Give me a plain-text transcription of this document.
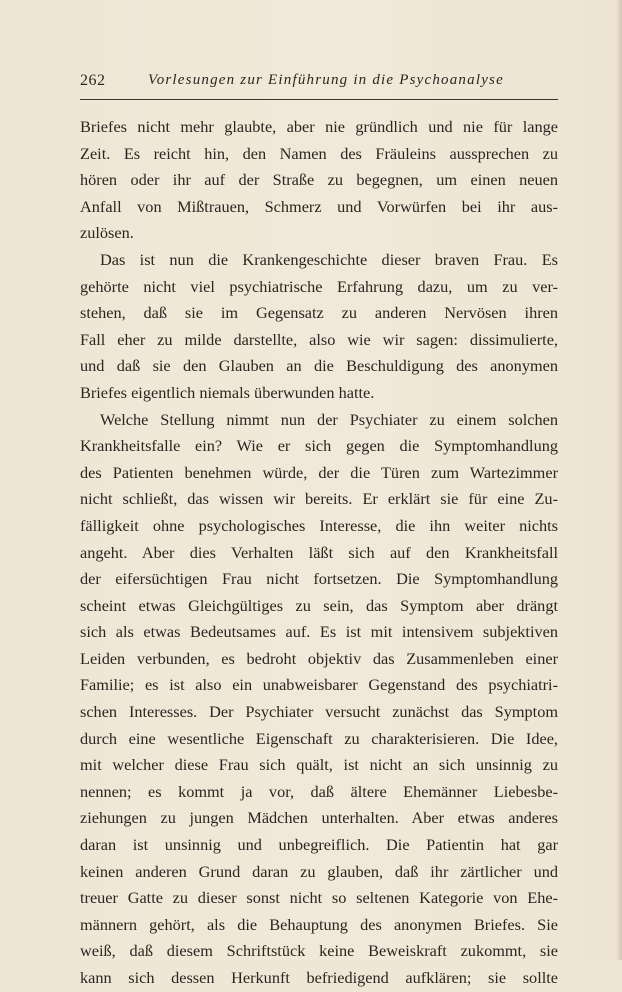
262	Vorlesungen zur Einführung in die Psychoanalyse
Briefes nicht mehr glaubte, aber nie gründlich und nie für lange
Zeit. Es reicht hin, den Namen des Fräuleins aussprechen zu
hören oder ihr auf der Straße zu begegnen, um einen neuen
Anfall von Mißtrauen, Schmerz und Vorwürfen bei ihr aus-
zulösen.
Das ist nun die Krankengeschichte dieser braven Frau. Es
gehörte nicht viel psychiatrische Erfahrung dazu, um zu ver-
stehen, daß sie im Gegensatz zu anderen Nervösen ihren
Fall eher zu milde darstellte, also wie wir sagen: dissimulierte,
und daß sie den Glauben an die Beschuldigung des anonymen
Briefes eigentlich niemals überwunden hatte.
Welche Stellung nimmt nun der Psychiater zu einem solchen
Krankheitsfalle ein? Wie er sich gegen die Symptomhandlung
des Patienten benehmen würde, der die Türen zum Wartezimmer
nicht schließt, das wissen wir bereits. Er erklärt sie für eine Zu-
fälligkeit ohne psychologisches Interesse, die ihn weiter nichts
angeht. Aber dies Verhalten läßt sich auf den Krankheitsfall
der eifersüchtigen Frau nicht fortsetzen. Die Symptomhandlung
scheint etwas Gleichgültiges zu sein, das Symptom aber drängt
sich als etwas Bedeutsames auf. Es ist mit intensivem subjektiven
Leiden verbunden, es bedroht objektiv das Zusammenleben einer
Familie; es ist also ein unabweisbarer Gegenstand des psychiatri-
schen Interesses. Der Psychiater versucht zunächst das Symptom
durch eine wesentliche Eigenschaft zu charakterisieren. Die Idee,
mit welcher diese Frau sich quält, ist nicht an sich unsinnig zu
nennen; es kommt ja vor, daß ältere Ehemänner Liebesbe-
ziehungen zu jungen Mädchen unterhalten. Aber etwas anderes
daran ist unsinnig und unbegreiflich. Die Patientin hat gar
keinen anderen Grund daran zu glauben, daß ihr zärtlicher und
treuer Gatte zu dieser sonst nicht so seltenen Kategorie von Ehe-
männern gehört, als die Behauptung des anonymen Briefes. Sie
weiß, daß diesem Schriftstück keine Beweiskraft zukommt, sie
kann sich dessen Herkunft befriedigend aufklären; sie sollte
